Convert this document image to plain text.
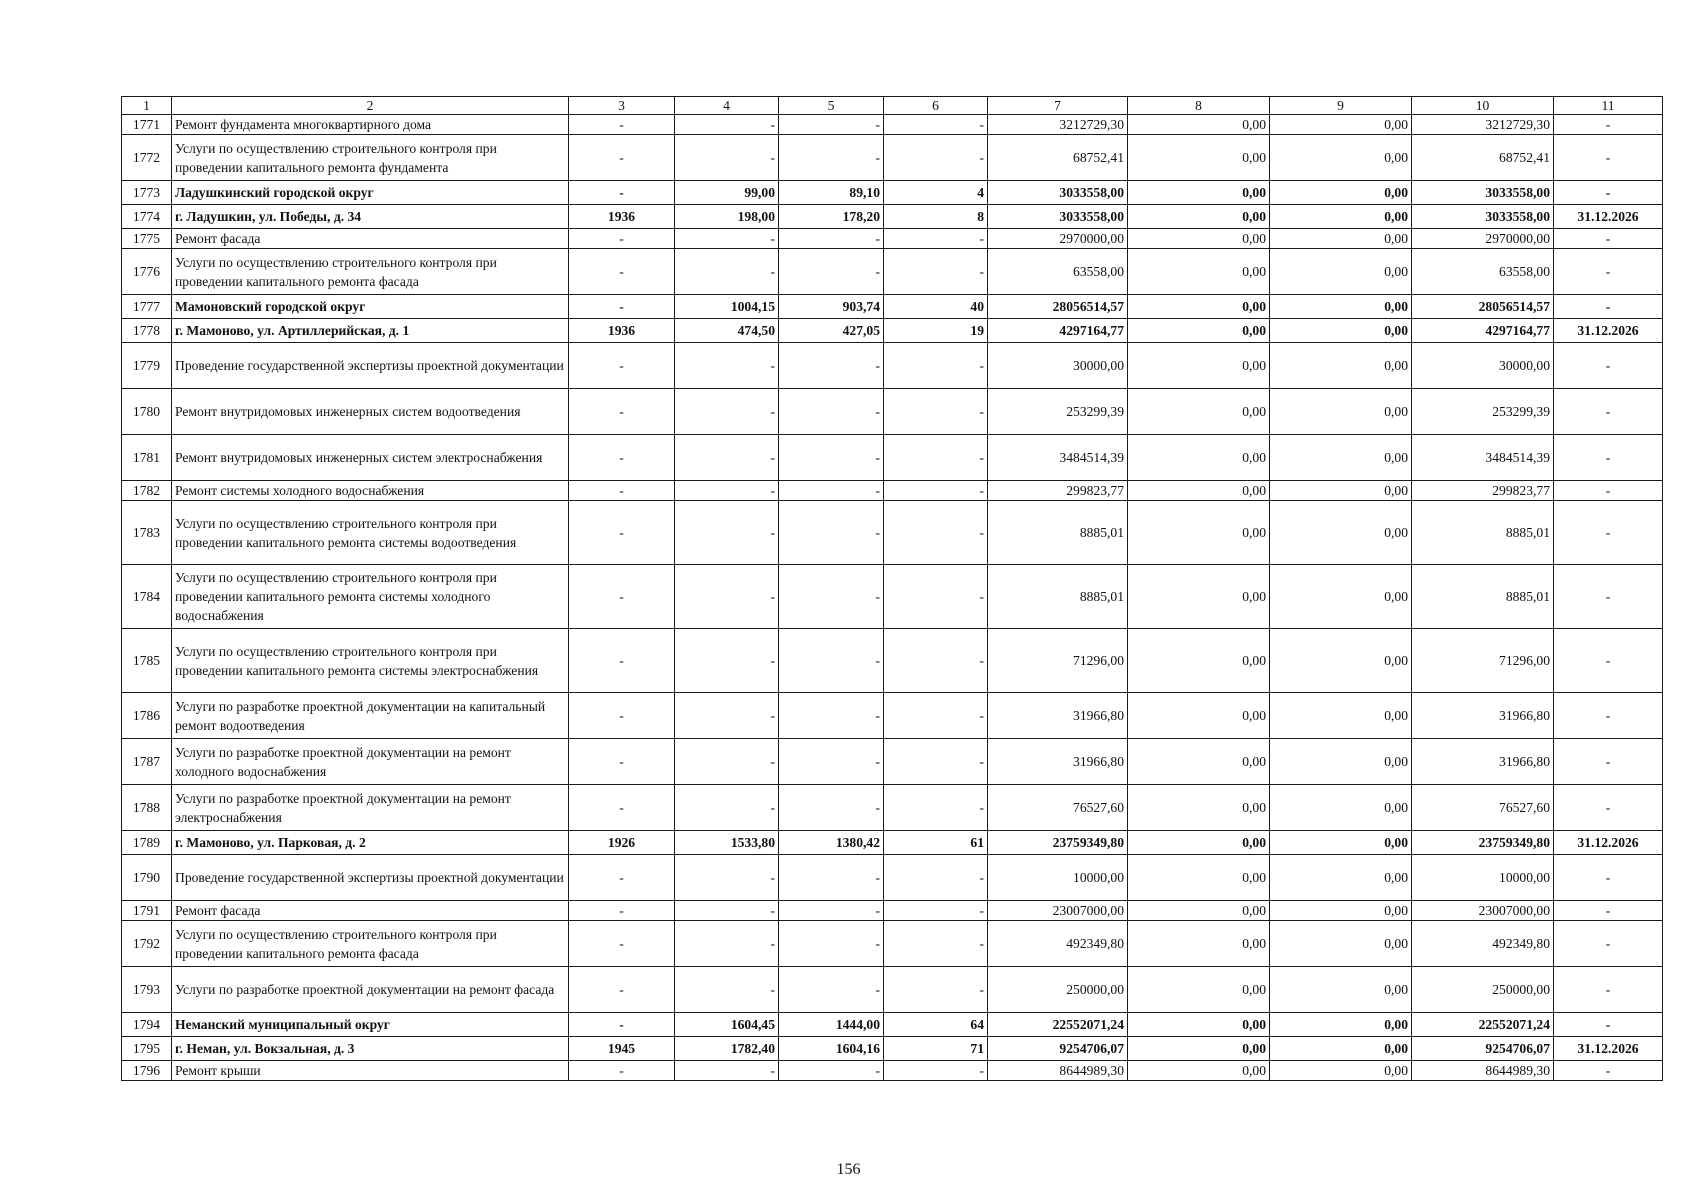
1	2	3	4	5	6	7	8	9	10	11
1771	Ремонт фундамента многоквартирного дома	-	-	-	-	3212729,30	0,00	0,00	3212729,30	-
1772	Услуги по осуществлению строительного контроля при проведении капитального ремонта фундамента	-	-	-	-	68752,41	0,00	0,00	68752,41	-
1773	Ладушкинский городской округ	-	99,00	89,10	4	3033558,00	0,00	0,00	3033558,00	-
1774	г. Ладушкин, ул. Победы, д. 34	1936	198,00	178,20	8	3033558,00	0,00	0,00	3033558,00	31.12.2026
1775	Ремонт фасада	-	-	-	-	2970000,00	0,00	0,00	2970000,00	-
1776	Услуги по осуществлению строительного контроля при проведении капитального ремонта фасада	-	-	-	-	63558,00	0,00	0,00	63558,00	-
1777	Мамоновский городской округ	-	1004,15	903,74	40	28056514,57	0,00	0,00	28056514,57	-
1778	г. Мамоново, ул. Артиллерийская, д. 1	1936	474,50	427,05	19	4297164,77	0,00	0,00	4297164,77	31.12.2026
1779	Проведение государственной экспертизы проектной документации	-	-	-	-	30000,00	0,00	0,00	30000,00	-
1780	Ремонт внутридомовых инженерных систем водоотведения	-	-	-	-	253299,39	0,00	0,00	253299,39	-
1781	Ремонт внутридомовых инженерных систем электроснабжения	-	-	-	-	3484514,39	0,00	0,00	3484514,39	-
1782	Ремонт системы холодного водоснабжения	-	-	-	-	299823,77	0,00	0,00	299823,77	-
1783	Услуги по осуществлению строительного контроля при проведении капитального ремонта системы водоотведения	-	-	-	-	8885,01	0,00	0,00	8885,01	-
1784	Услуги по осуществлению строительного контроля при проведении капитального ремонта системы холодного водоснабжения	-	-	-	-	8885,01	0,00	0,00	8885,01	-
1785	Услуги по осуществлению строительного контроля при проведении капитального ремонта системы электроснабжения	-	-	-	-	71296,00	0,00	0,00	71296,00	-
1786	Услуги по разработке проектной документации на капитальный ремонт водоотведения	-	-	-	-	31966,80	0,00	0,00	31966,80	-
1787	Услуги по разработке проектной документации на ремонт холодного водоснабжения	-	-	-	-	31966,80	0,00	0,00	31966,80	-
1788	Услуги по разработке проектной документации на ремонт электроснабжения	-	-	-	-	76527,60	0,00	0,00	76527,60	-
1789	г. Мамоново, ул. Парковая, д. 2	1926	1533,80	1380,42	61	23759349,80	0,00	0,00	23759349,80	31.12.2026
1790	Проведение государственной экспертизы проектной документации	-	-	-	-	10000,00	0,00	0,00	10000,00	-
1791	Ремонт фасада	-	-	-	-	23007000,00	0,00	0,00	23007000,00	-
1792	Услуги по осуществлению строительного контроля при проведении капитального ремонта фасада	-	-	-	-	492349,80	0,00	0,00	492349,80	-
1793	Услуги по разработке проектной документации на ремонт фасада	-	-	-	-	250000,00	0,00	0,00	250000,00	-
1794	Неманский муниципальный округ	-	1604,45	1444,00	64	22552071,24	0,00	0,00	22552071,24	-
1795	г. Неман, ул. Вокзальная, д. 3	1945	1782,40	1604,16	71	9254706,07	0,00	0,00	9254706,07	31.12.2026
1796	Ремонт крыши	-	-	-	-	8644989,30	0,00	0,00	8644989,30	-
156
